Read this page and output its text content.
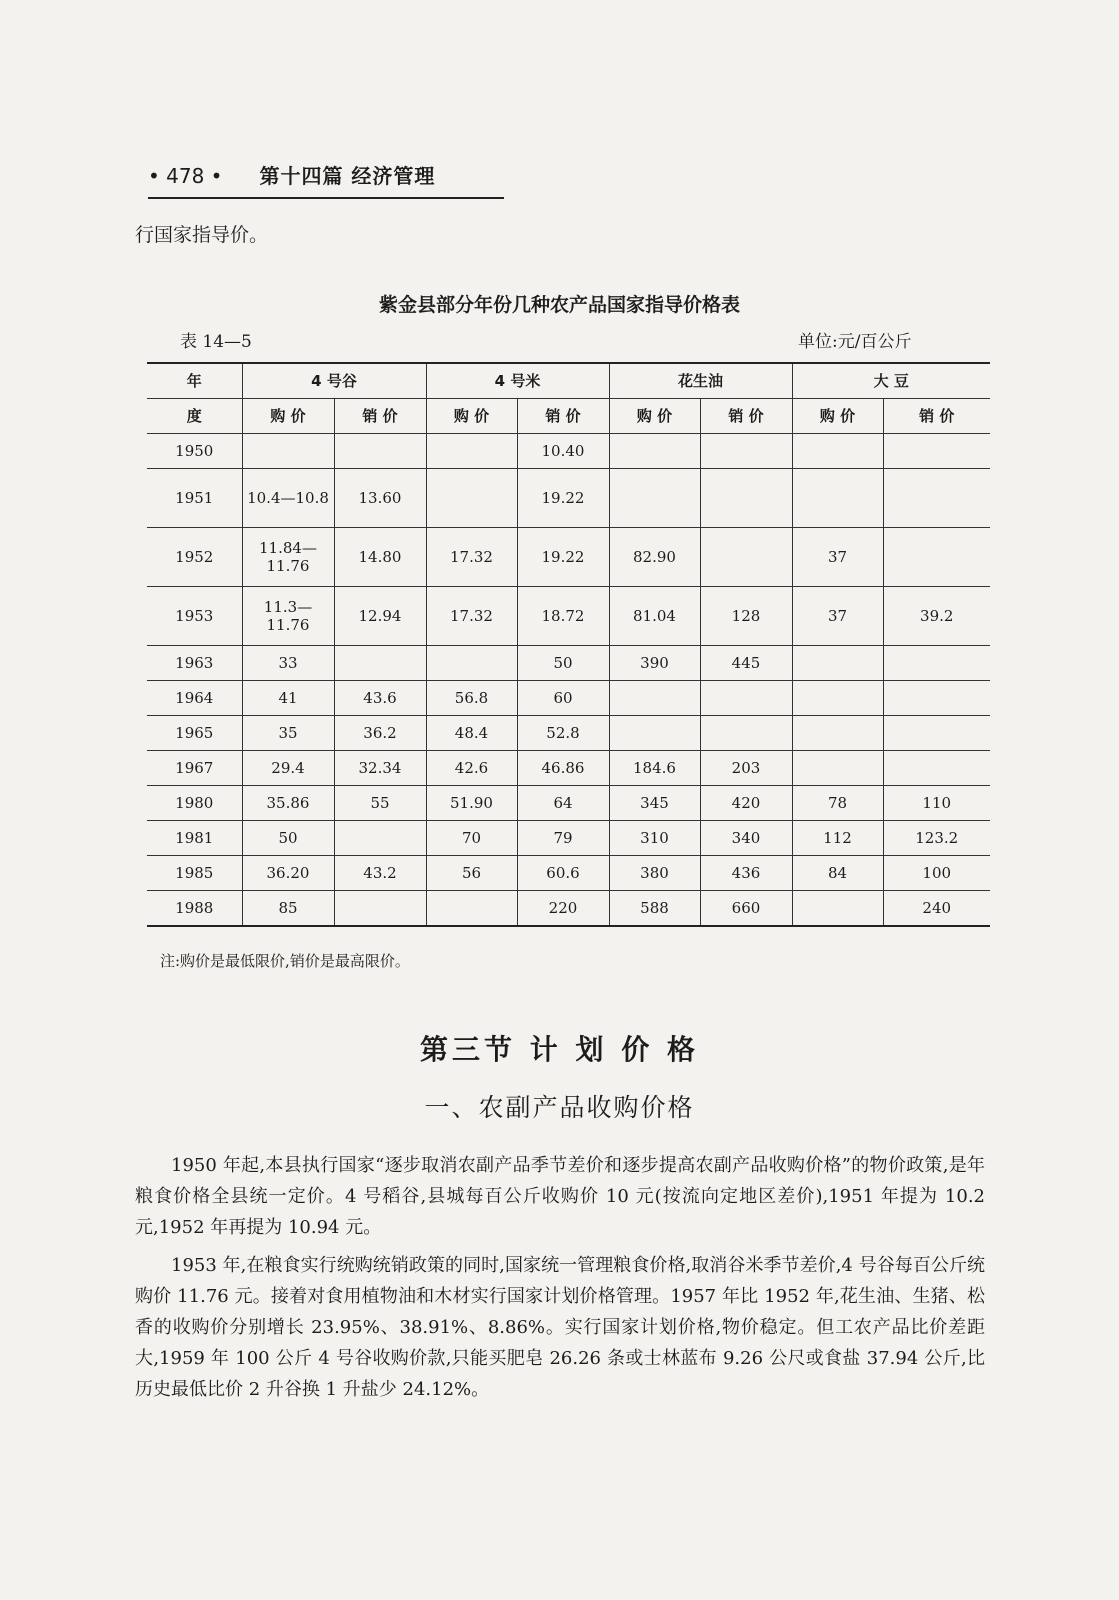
• 478 • 第十四篇 经济管理
行国家指导价。
紫金县部分年份几种农产品国家指导价格表
表 14—5	单位:元/百公斤
年	4 号谷		4 号米		花生油		大 豆	
度	购 价	销 价	购 价	销 价	购 价	销 价	购 价	销 价
1950				10.40				
1951	10.4—10.8	13.60		19.22				
1952	11.84—11.76	14.80	17.32	19.22	82.90		37	
1953	11.3—11.76	12.94	17.32	18.72	81.04	128	37	39.2
1963	33			50	390	445		
1964	41	43.6	56.8	60				
1965	35	36.2	48.4	52.8				
1967	29.4	32.34	42.6	46.86	184.6	203		
1980	35.86	55	51.90	64	345	420	78	110
1981	50		70	79	310	340	112	123.2
1985	36.20	43.2	56	60.6	380	436	84	100
1988	85			220	588	660		240
注:购价是最低限价,销价是最高限价。
第三节 计 划 价 格
一、农副产品收购价格

1950 年起,本县执行国家“逐步取消农副产品季节差价和逐步提高农副产品收购价格”的物价政策,是年粮食价格全县统一定价。4 号稻谷,县城每百公斤收购价 10 元(按流向定地区差价),1951 年提为 10.2 元,1952 年再提为 10.94 元。

1953 年,在粮食实行统购统销政策的同时,国家统一管理粮食价格,取消谷米季节差价,4 号谷每百公斤统购价 11.76 元。接着对食用植物油和木材实行国家计划价格管理。1957 年比 1952 年,花生油、生猪、松香的收购价分别增长 23.95%、38.91%、8.86%。实行国家计划价格,物价稳定。但工农产品比价差距大,1959 年 100 公斤 4 号谷收购价款,只能买肥皂 26.26 条或士林蓝布 9.26 公尺或食盐 37.94 公斤,比历史最低比价 2 升谷换 1 升盐少 24.12%。
